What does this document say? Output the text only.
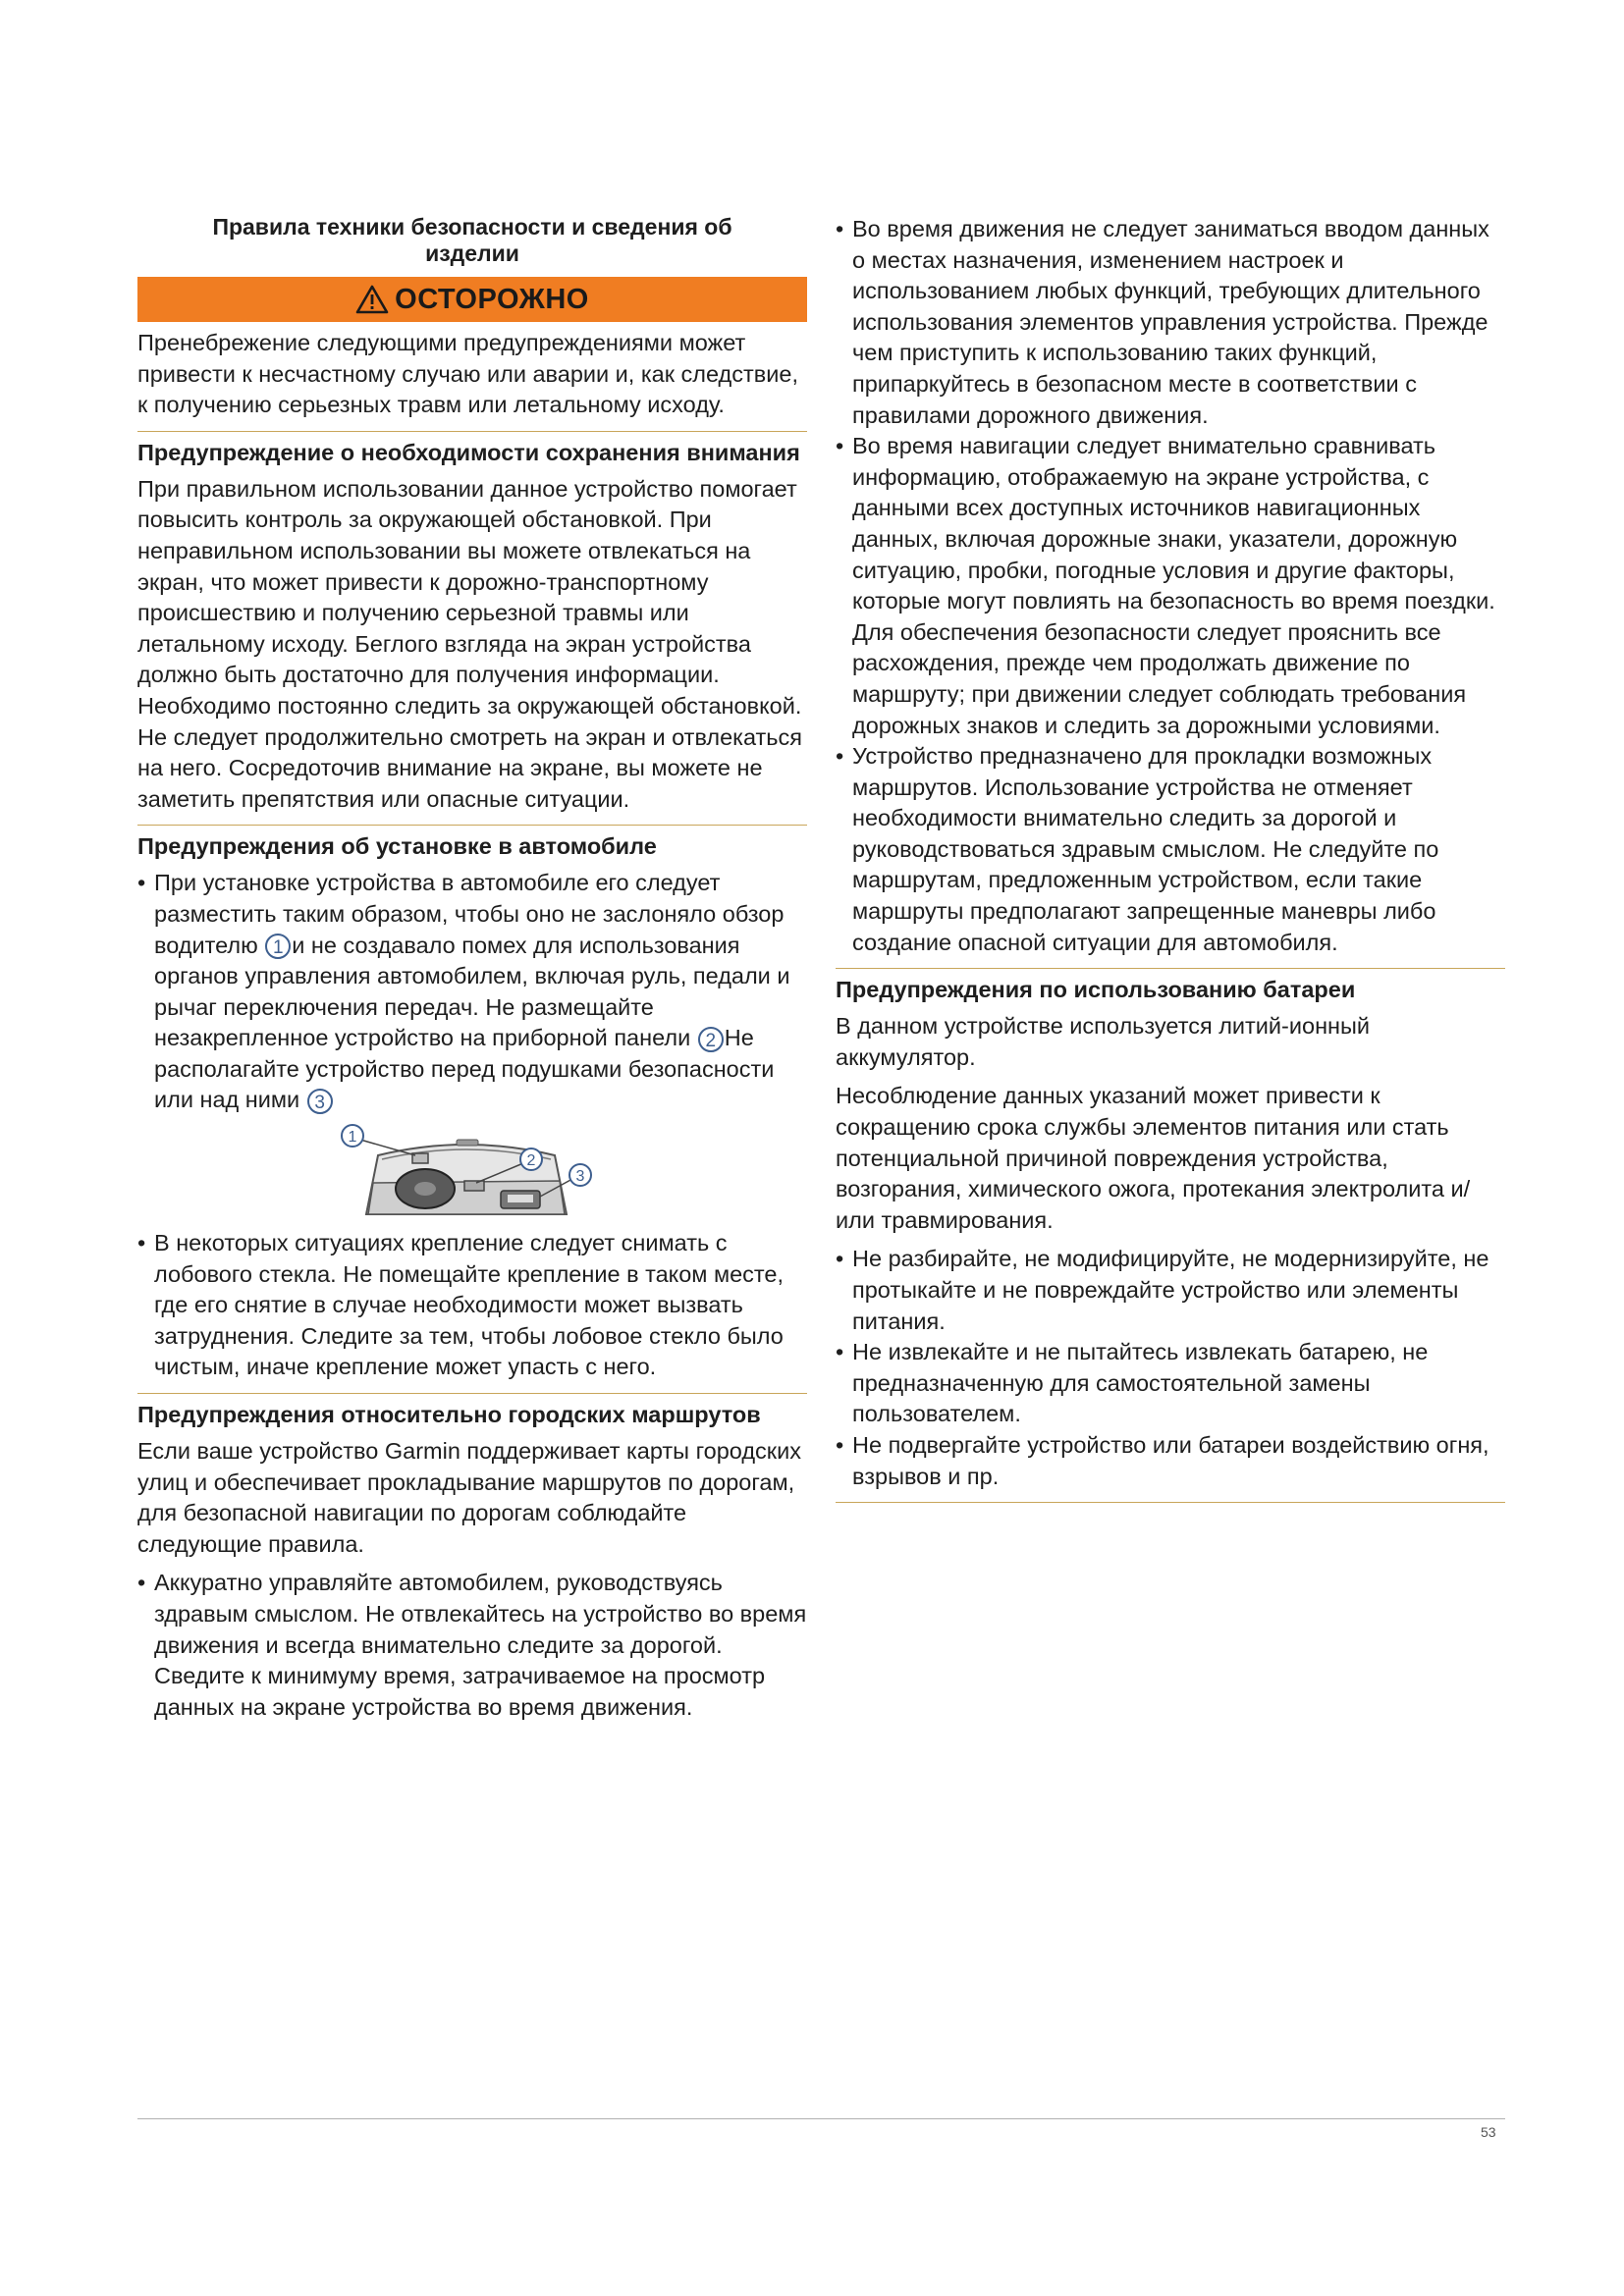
Правила техники безопасности и сведения об изделии
ОСТОРОЖНО

Пренебрежение следующими предупреждениями может привести к несчастному случаю или аварии и, как следствие, к получению серьезных травм или летальному исходу.

Предупреждение о необходимости сохранения внимания

При правильном использовании данное устройство помогает повысить контроль за окружающей обстановкой. При неправильном использовании вы можете отвлекаться на экран, что может привести к дорожно-транспортному происшествию и получению серьезной травмы или летальному исходу. Беглого взгляда на экран устройства должно быть достаточно для получения информации. Необходимо постоянно следить за окружающей обстановкой. Не следует продолжительно смотреть на экран и отвлекаться на него. Сосредоточив внимание на экране, вы можете не заметить препятствия или опасные ситуации.

Предупреждения об установке в автомобиле
• При установке устройства в автомобиле его следует разместить таким образом, чтобы оно не заслоняло обзор водителю 1 и не создавало помех для использования органов управления автомобилем, включая руль, педали и рычаг переключения передач. Не размещайте незакрепленное устройство на приборной панели 2 Не располагайте устройство перед подушками безопасности или над ними 3
1
2
3
• В некоторых ситуациях крепление следует снимать с лобового стекла. Не помещайте крепление в таком месте, где его снятие в случае необходимости может вызвать затруднения. Следите за тем, чтобы лобовое стекло было чистым, иначе крепление может упасть с него.
Предупреждения относительно городских маршрутов

Если ваше устройство Garmin поддерживает карты городских улиц и обеспечивает прокладывание маршрутов по дорогам, для безопасной навигации по дорогам соблюдайте следующие правила.

• Аккуратно управляйте автомобилем, руководствуясь здравым смыслом. Не отвлекайтесь на устройство во время движения и всегда внимательно следите за дорогой. Сведите к минимуму время, затрачиваемое на просмотр данных на экране устройства во время движения.
• Во время движения не следует заниматься вводом данных о местах назначения, изменением настроек и использованием любых функций, требующих длительного использования элементов управления устройства. Прежде чем приступить к использованию таких функций, припаркуйтесь в безопасном месте в соответствии с правилами дорожного движения.
• Во время навигации следует внимательно сравнивать информацию, отображаемую на экране устройства, с данными всех доступных источников навигационных данных, включая дорожные знаки, указатели, дорожную ситуацию, пробки, погодные условия и другие факторы, которые могут повлиять на безопасность во время поездки. Для обеспечения безопасности следует прояснить все расхождения, прежде чем продолжать движение по маршруту; при движении следует соблюдать требования дорожных знаков и следить за дорожными условиями.
• Устройство предназначено для прокладки возможных маршрутов. Использование устройства не отменяет необходимости внимательно следить за дорогой и руководствоваться здравым смыслом. Не следуйте по маршрутам, предложенным устройством, если такие маршруты предполагают запрещенные маневры либо создание опасной ситуации для автомобиля.
Предупреждения по использованию батареи

В данном устройстве используется литий-ионный аккумулятор.

Несоблюдение данных указаний может привести к сокращению срока службы элементов питания или стать потенциальной причиной повреждения устройства, возгорания, химического ожога, протекания электролита и/или травмирования.

• Не разбирайте, не модифицируйте, не модернизируйте, не протыкайте и не повреждайте устройство или элементы питания.
• Не извлекайте и не пытайтесь извлекать батарею, не предназначенную для самостоятельной замены пользователем.
• Не подвергайте устройство или батареи воздействию огня, взрывов и пр.
53
